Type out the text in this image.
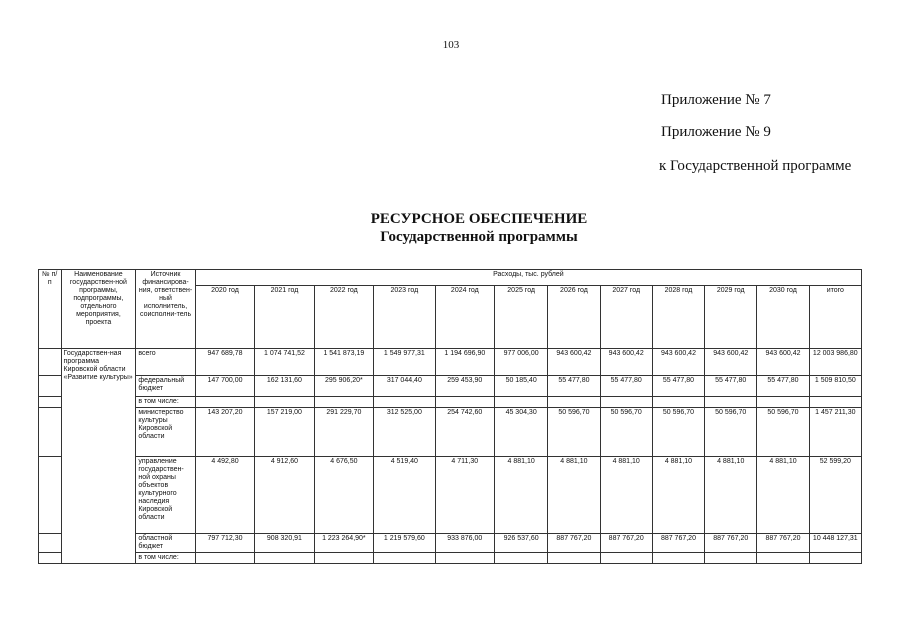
103
Приложение № 7
Приложение № 9
к Государственной программе
РЕСУРСНОЕ ОБЕСПЕЧЕНИЕ
Государственной программы
№ п/п	Наименование государствен-ной программы, подпрограммы, отдельного мероприятия, проекта	Источник финансирова-ния, ответствен-ный исполнитель, соисполни-тель	Расходы, тыс. рублей											
			2020 год	2021 год	2022 год	2023 год	2024 год	2025 год	2026 год	2027 год	2028 год	2029 год	2030 год	итого
	Государствен-ная программа Кировской области «Развитие культуры»	всего	947 689,78	1 074 741,52	1 541 873,19	1 549 977,31	1 194 696,90	977 006,00	943 600,42	943 600,42	943 600,42	943 600,42	943 600,42	12 003 986,80
		федеральный бюджет	147 700,00	162 131,60	295 906,20*	317 044,40	259 453,90	50 185,40	55 477,80	55 477,80	55 477,80	55 477,80	55 477,80	1 509 810,50
		в том числе:												
		министерство культуры Кировской области	143 207,20	157 219,00	291 229,70	312 525,00	254 742,60	45 304,30	50 596,70	50 596,70	50 596,70	50 596,70	50 596,70	1 457 211,30
		управление государствен-ной охраны объектов культурного наследия Кировской области	4 492,80	4 912,60	4 676,50	4 519,40	4 711,30	4 881,10	4 881,10	4 881,10	4 881,10	4 881,10	4 881,10	52 599,20
		областной бюджет	797 712,30	908 320,91	1 223 264,90*	1 219 579,60	933 876,00	926 537,60	887 767,20	887 767,20	887 767,20	887 767,20	887 767,20	10 448 127,31
		в том числе:												
